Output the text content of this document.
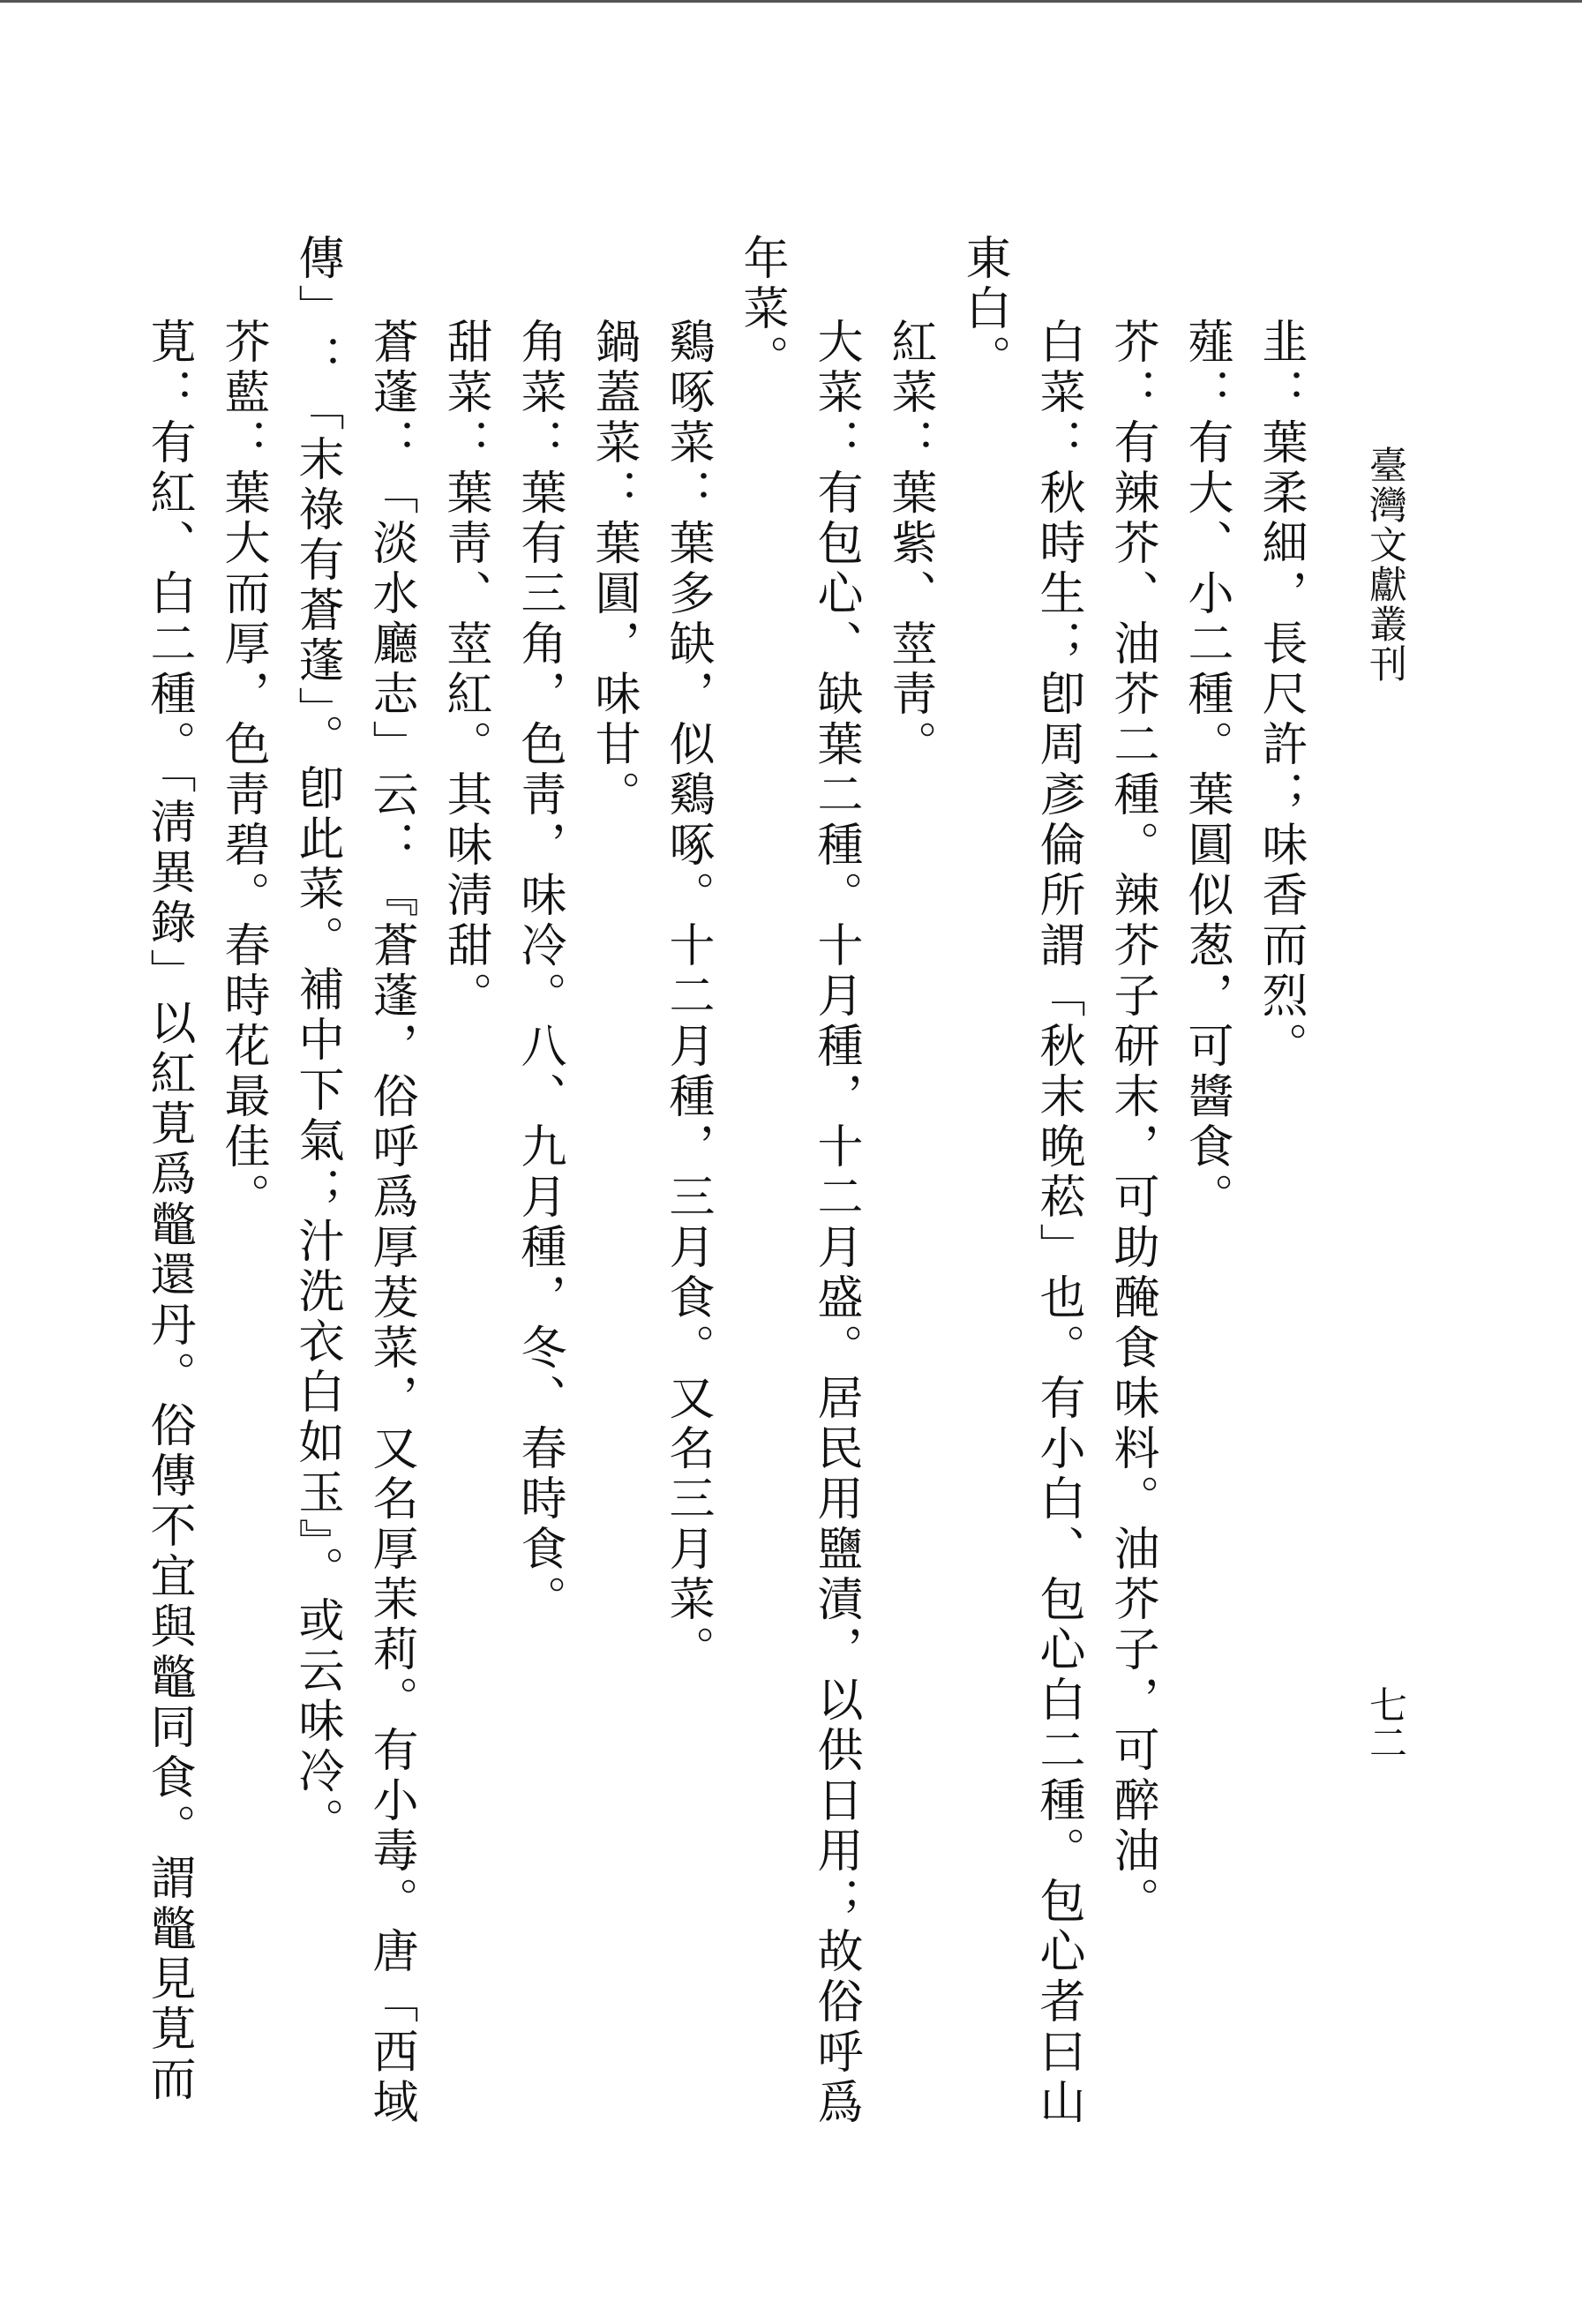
臺灣文獻叢刊
七二
韭：葉柔細，長尺許；味香而烈。
薤：有大、小二種。葉圓似葱，可醬食。
芥：有辣芥、油芥二種。辣芥子研末，可助醃食味料。油芥子，可醉油。
白菜：秋時生；卽周彥倫所謂「秋末晚菘」也。有小白、包心白二種。包心者曰山
東白。
紅菜：葉紫、莖靑。
大菜：有包心、缺葉二種。十月種，十二月盛。居民用鹽漬，以供日用；故俗呼爲
年菜。
鷄啄菜：葉多缺，似鷄啄。十二月種，三月食。又名三月菜。
鍋蓋菜：葉圓，味甘。
角菜：葉有三角，色靑，味冷。八、九月種，冬、春時食。
甜菜：葉靑、莖紅。其味淸甜。
蒼蓬：「淡水廳志」云：『蒼蓬，俗呼爲厚茇菜，又名厚茉莉。有小毒。唐「西域
傳」：「末祿有蒼蓬」。卽此菜。補中下氣；汁洗衣白如玉』。或云味冷。
芥藍：葉大而厚，色靑碧。春時花最佳。
莧：有紅、白二種。「淸異錄」以紅莧爲鼈還丹。俗傳不宜與鼈同食。謂鼈見莧而
